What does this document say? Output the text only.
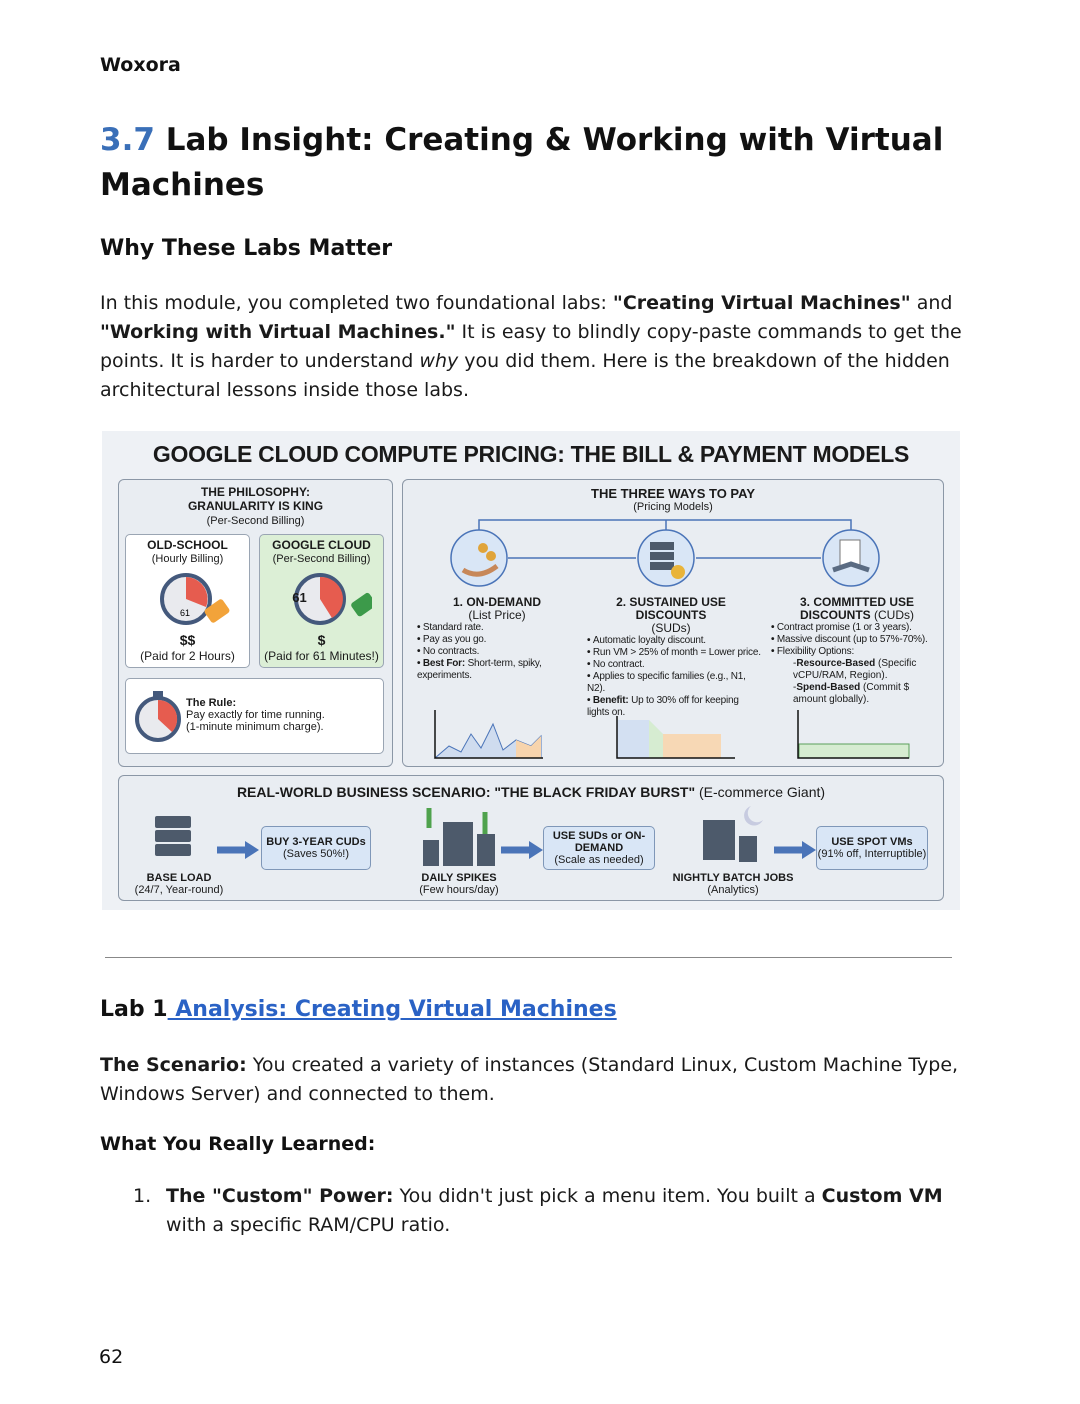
Woxora
3.7 Lab Insight: Creating & Working with Virtual Machines
Why These Labs Matter
In this module, you completed two foundational labs: "Creating Virtual Machines" and "Working with Virtual Machines." It is easy to blindly copy-paste commands to get the points. It is harder to understand why you did them. Here is the breakdown of the hidden architectural lessons inside those labs.
GOOGLE CLOUD COMPUTE PRICING: THE BILL & PAYMENT MODELS
THE PHILOSOPHY:
GRANULARITY IS KING
(Per-Second Billing)
OLD-SCHOOL
(Hourly Billing)
61
$$
(Paid for 2 Hours)
GOOGLE CLOUD
(Per-Second Billing)
61
$
(Paid for 61 Minutes!)
The Rule:
Pay exactly for time running.
(1-minute minimum charge).
THE THREE WAYS TO PAY
(Pricing Models)
1. ON-DEMAND
(List Price)
• Standard rate.
• Pay as you go.
• No contracts.
• Best For: Short-term, spiky, experiments.
2. SUSTAINED USE DISCOUNTS
(SUDs)
• Automatic loyalty discount.
• Run VM > 25% of month = Lower price.
• No contract.
• Applies to specific families (e.g., N1, N2).
• Benefit: Up to 30% off for keeping lights on.
3. COMMITTED USE
DISCOUNTS (CUDs)
• Contract promise (1 or 3 years).
• Massive discount (up to 57%-70%).
• Flexibility Options:
-Resource-Based (Specific vCPU/RAM, Region).
-Spend-Based (Commit $ amount globally).
REAL-WORLD BUSINESS SCENARIO: "THE BLACK FRIDAY BURST" (E-commerce Giant)
BUY 3-YEAR CUDs
(Saves 50%!)
USE SUDs or ON-DEMAND
(Scale as needed)
USE SPOT VMs
(91% off, Interruptible)
BASE LOAD
(24/7, Year-round)
DAILY SPIKES
(Few hours/day)
NIGHTLY BATCH JOBS
(Analytics)
Lab 1 Analysis: Creating Virtual Machines
The Scenario: You created a variety of instances (Standard Linux, Custom Machine Type, Windows Server) and connected to them.
What You Really Learned:
1. The "Custom" Power: You didn't just pick a menu item. You built a Custom VM with a specific RAM/CPU ratio.
62
